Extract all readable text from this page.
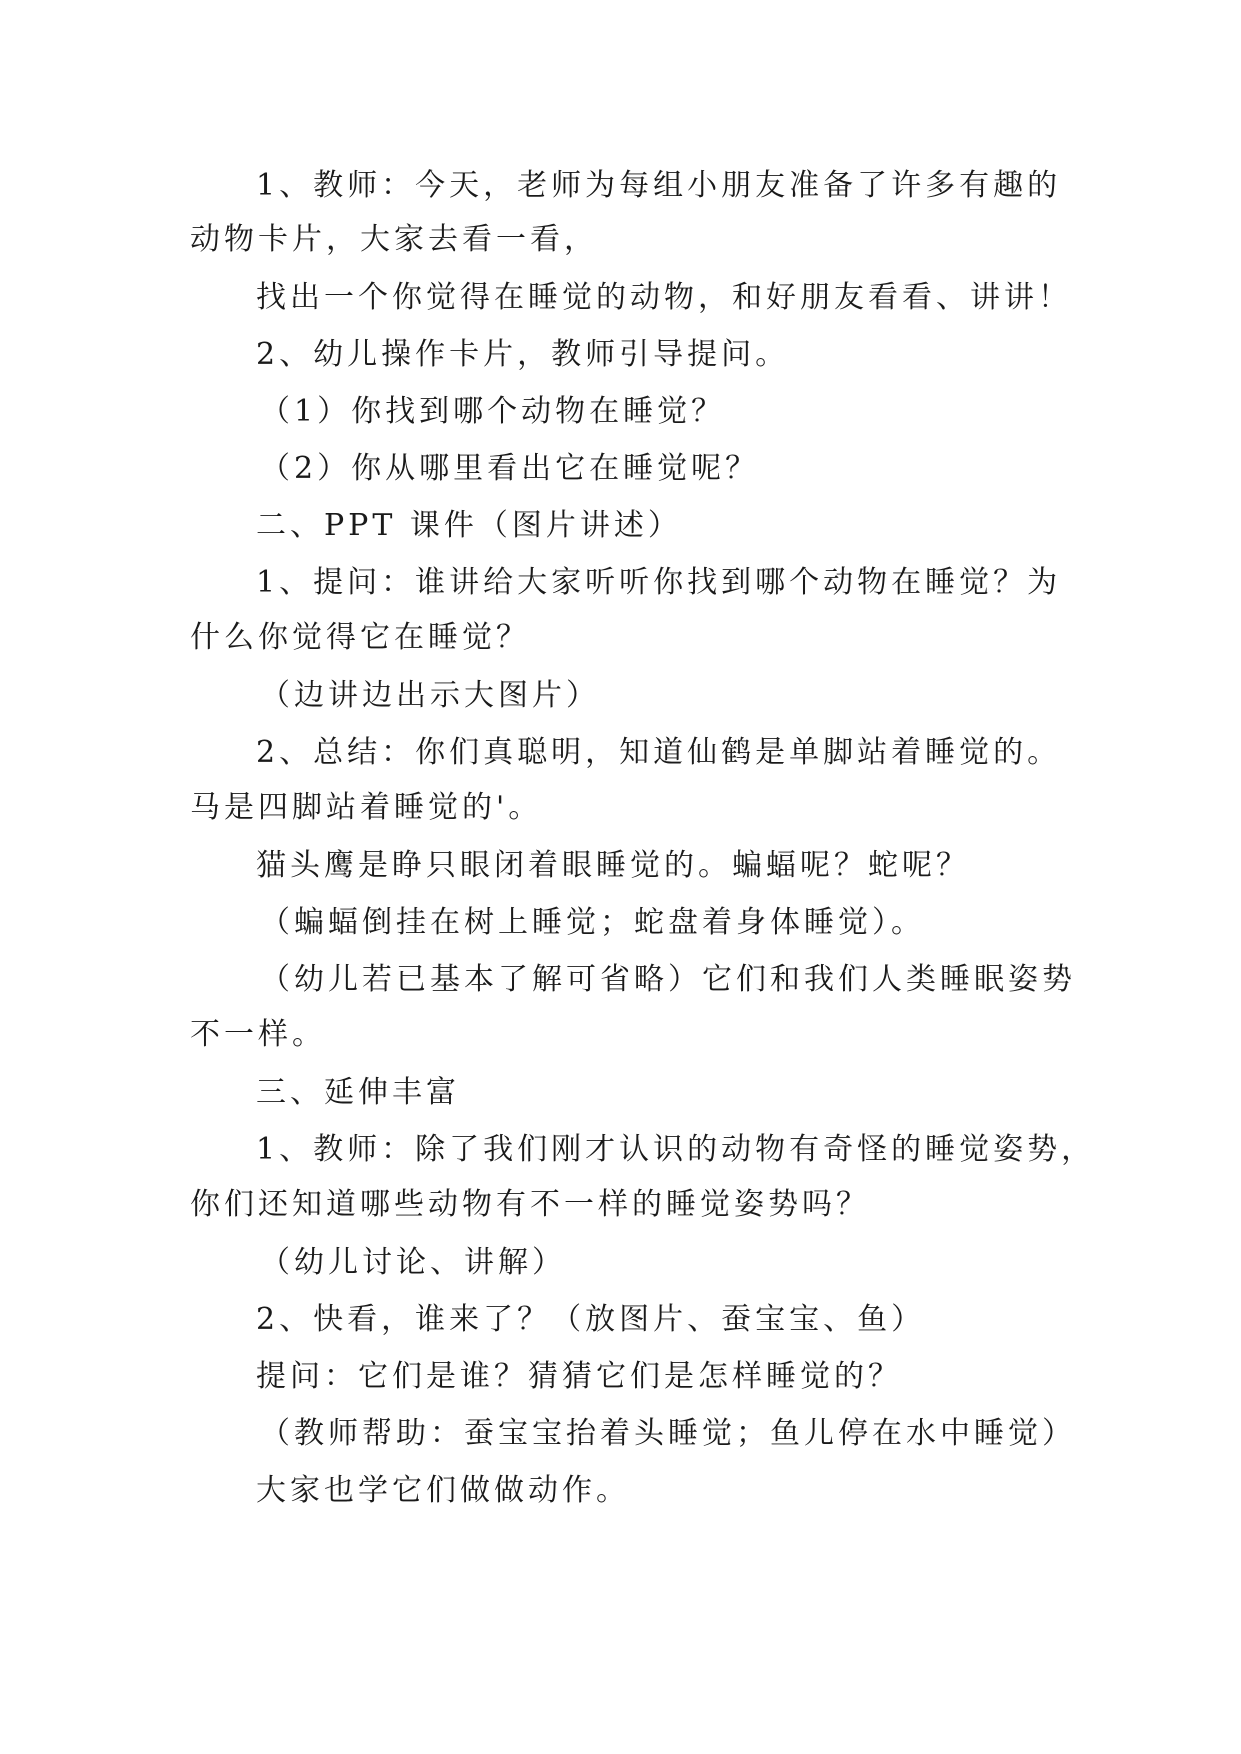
1、教师：今天，老师为每组小朋友准备了许多有趣的
动物卡片，大家去看一看，
找出一个你觉得在睡觉的动物，和好朋友看看、讲讲！
2、幼儿操作卡片，教师引导提问。
（1）你找到哪个动物在睡觉？
（2）你从哪里看出它在睡觉呢？
二、PPT 课件（图片讲述）
1、提问：谁讲给大家听听你找到哪个动物在睡觉？为
什么你觉得它在睡觉？
（边讲边出示大图片）
2、总结：你们真聪明，知道仙鹤是单脚站着睡觉的。
马是四脚站着睡觉的'。
猫头鹰是睁只眼闭着眼睡觉的。蝙蝠呢？蛇呢？
（蝙蝠倒挂在树上睡觉；蛇盘着身体睡觉）。
（幼儿若已基本了解可省略）它们和我们人类睡眠姿势
不一样。
三、延伸丰富
1、教师：除了我们刚才认识的动物有奇怪的睡觉姿势，
你们还知道哪些动物有不一样的睡觉姿势吗？
（幼儿讨论、讲解）
2、快看，谁来了？（放图片、蚕宝宝、鱼）
提问：它们是谁？猜猜它们是怎样睡觉的？
（教师帮助：蚕宝宝抬着头睡觉；鱼儿停在水中睡觉）
大家也学它们做做动作。
